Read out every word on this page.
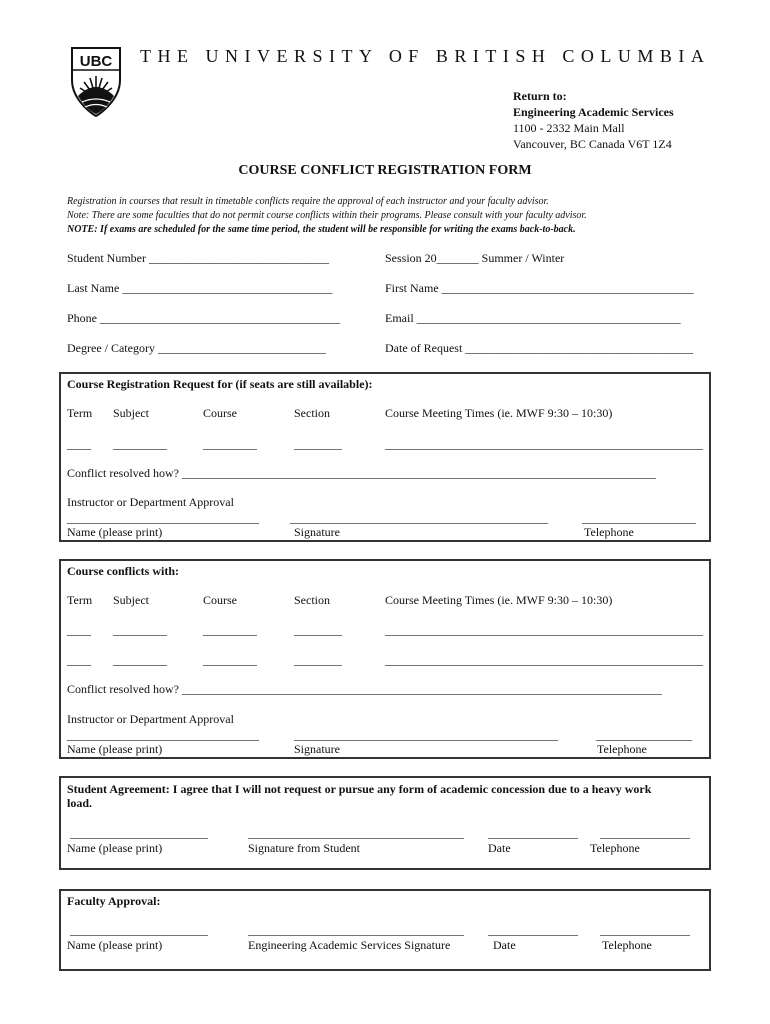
UBC THE UNIVERSITY OF BRITISH COLUMBIA
Return to:
Engineering Academic Services
1100 - 2332 Main Mall
Vancouver, BC Canada V6T 1Z4
COURSE CONFLICT REGISTRATION FORM
Registration in courses that result in timetable conflicts require the approval of each instructor and your faculty advisor.
Note: There are some faculties that do not permit course conflicts within their programs. Please consult with your faculty advisor.
NOTE: If exams are scheduled for the same time period, the student will be responsible for writing the exams back-to-back.
Student Number ______________________________	Session 20_______ Summer / Winter
Last Name ___________________________________	First Name __________________________________________
Phone ________________________________________	Email ____________________________________________
Degree / Category ____________________________	Date of Request ______________________________________
Course Registration Request for (if seats are still available):
Term Subject	Course	Section	Course Meeting Times (ie. MWF 9:30 – 10:30)
____ _________	_________	________	_____________________________________________________
Conflict resolved how? _______________________________________________________________________________
Instructor or Department Approval
________________________________	___________________________________________	___________________
Name (please print)	Signature	Telephone
Course conflicts with:
Term Subject	Course	Section	Course Meeting Times (ie. MWF 9:30 – 10:30)
____ _________	_________	________	_____________________________________________________
____ _________	_________	________	_____________________________________________________
Conflict resolved how? ________________________________________________________________________________
Instructor or Department Approval
________________________________	____________________________________________	________________
Name (please print)	Signature	Telephone
Student Agreement: I agree that I will not request or pursue any form of academic concession due to a heavy work
load.
_______________________	____________________________________ _______________ _______________
Name (please print)	Signature from Student	Date	Telephone
Faculty Approval:
_______________________	____________________________________ _______________ _______________
Name (please print)	Engineering Academic Services Signature	Date	Telephone
